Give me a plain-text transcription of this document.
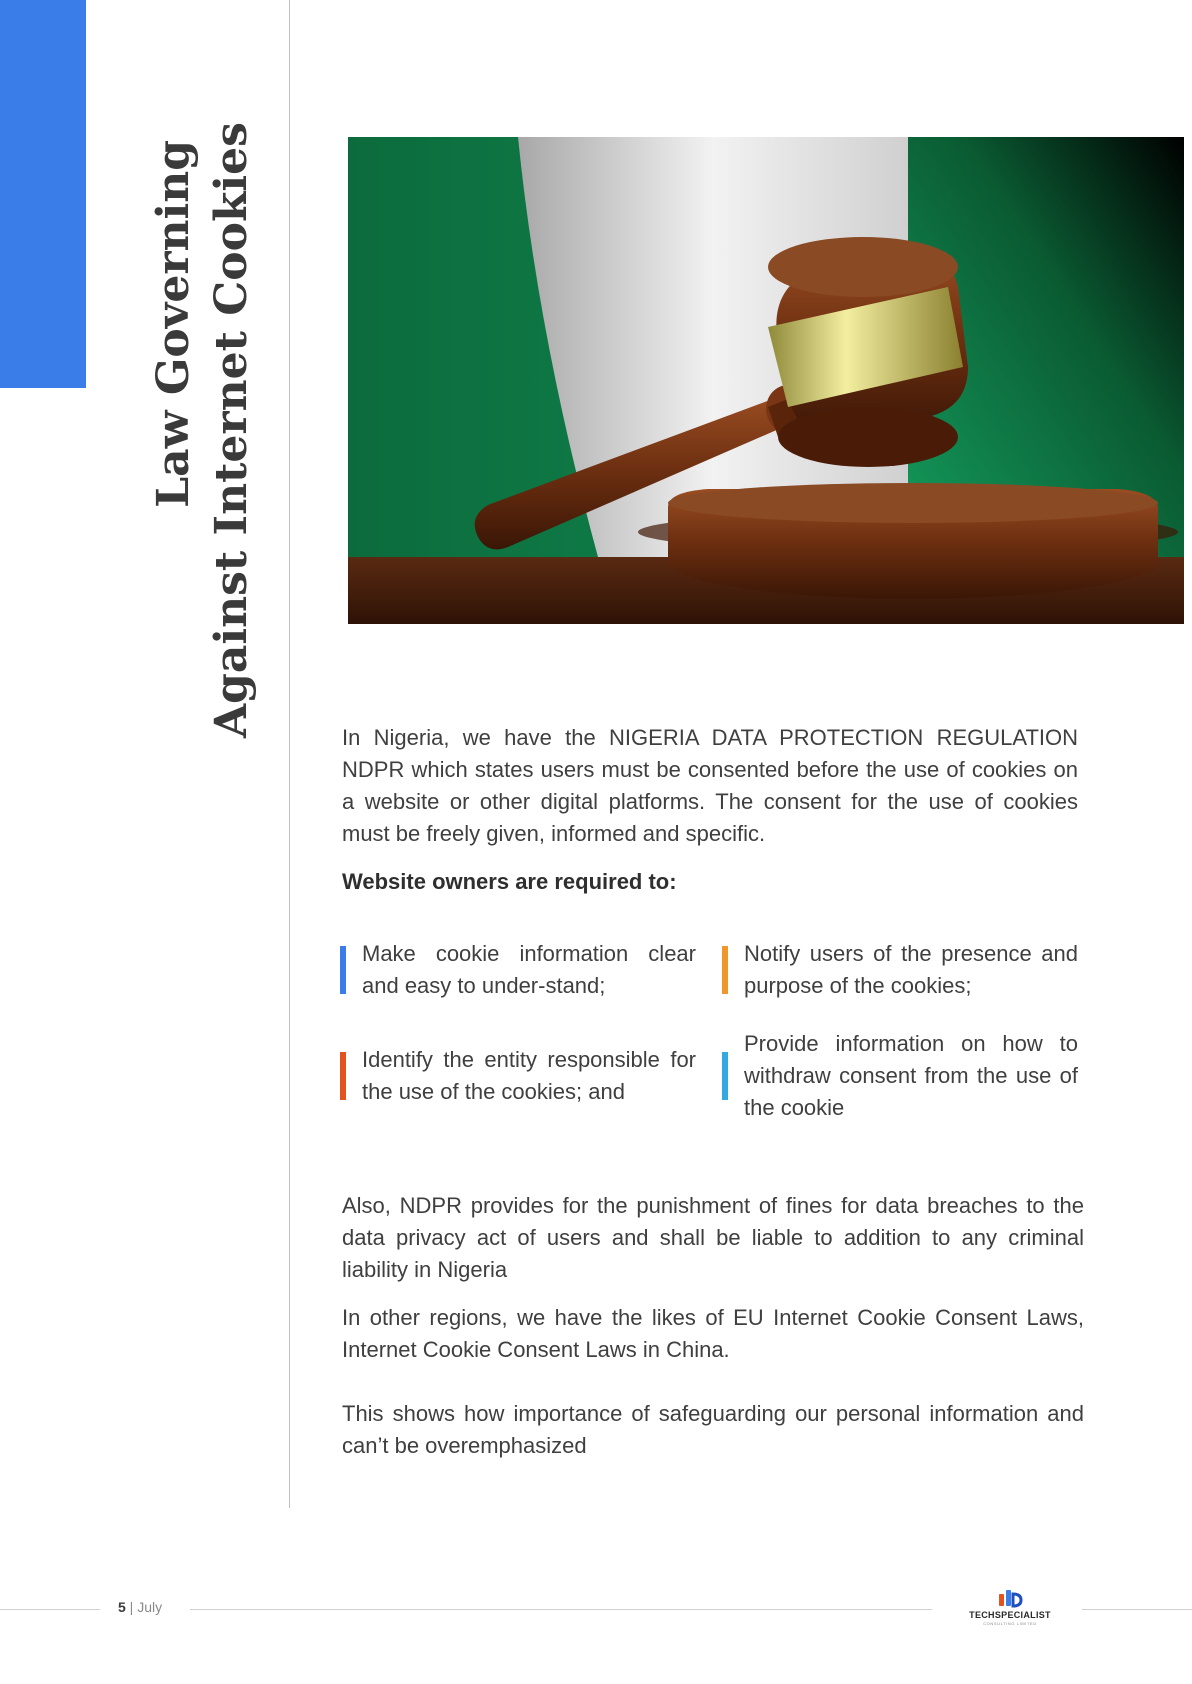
Law Governing Against Internet Cookies	In Nigeria, we have the NIGERIA DATA PROTECTION REGULATION NDPR which states users must be consented before the use of cookies on a website or other digital platforms. The consent for the use of cookies must be freely given, informed and specific.

Website owners are required to:

Make cookie information clear and easy to under-stand;
Notify users of the presence and purpose of the cookies;
Identify the entity responsible for the use of the cookies; and
Provide information on how to withdraw consent from the use of the cookie

Also, NDPR provides for the punishment of fines for data breaches to the data privacy act of users and shall be liable to addition to any criminal liability in Nigeria

In other regions, we have the likes of EU Internet Cookie Consent Laws, Internet Cookie Consent Laws in China.

This shows how importance of safeguarding our personal information and can’t be overemphasized

5 | July	TECHSPECIALIST
CONSULTING LIMITED
